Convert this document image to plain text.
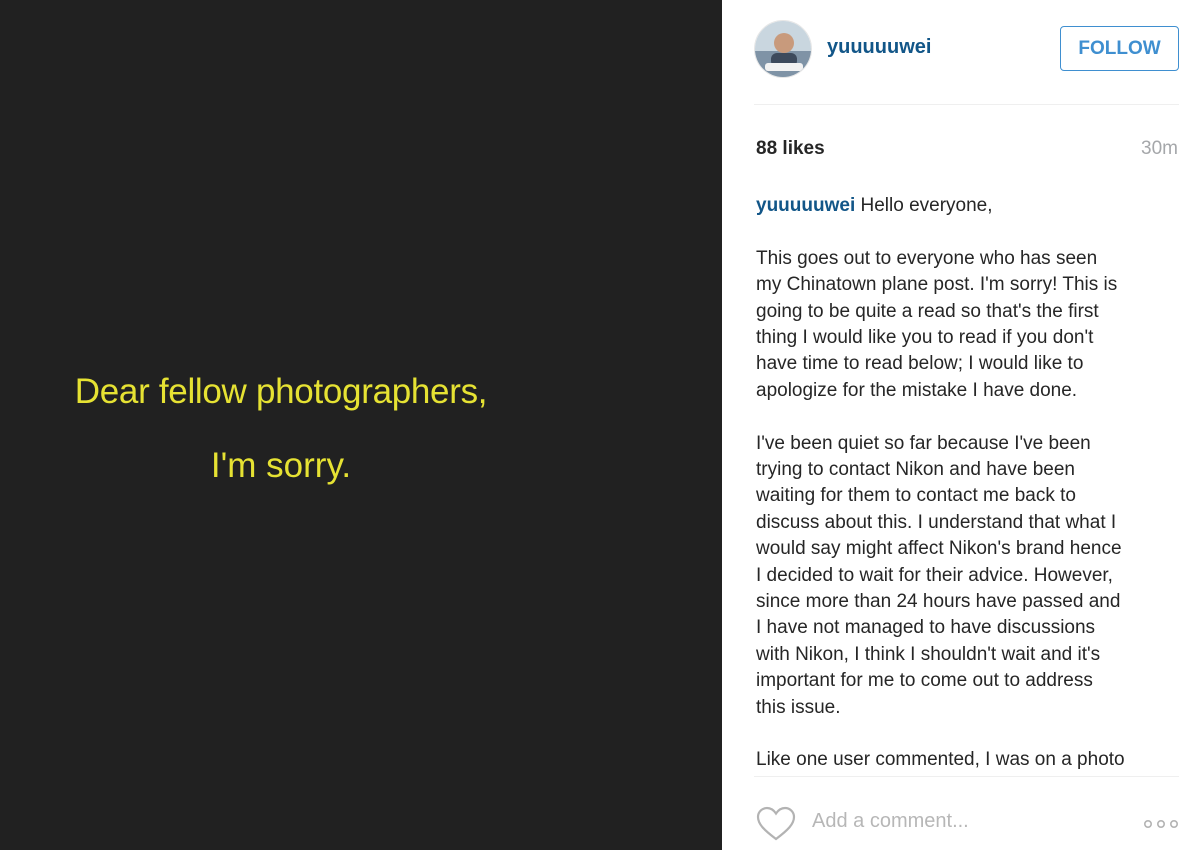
Dear fellow photographers,
I'm sorry.
yuuuuuwei	FOLLOW
88 likes	30m

yuuuuuwei Hello everyone,

This goes out to everyone who has seen
my Chinatown plane post. I'm sorry! This is
going to be quite a read so that's the first
thing I would like you to read if you don't
have time to read below; I would like to
apologize for the mistake I have done.

I've been quiet so far because I've been
trying to contact Nikon and have been
waiting for them to contact me back to
discuss about this. I understand that what I
would say might affect Nikon's brand hence
I decided to wait for their advice. However,
since more than 24 hours have passed and
I have not managed to have discussions
with Nikon, I think I shouldn't wait and it's
important for me to come out to address
this issue.

Like one user commented, I was on a photo

Add a comment...
